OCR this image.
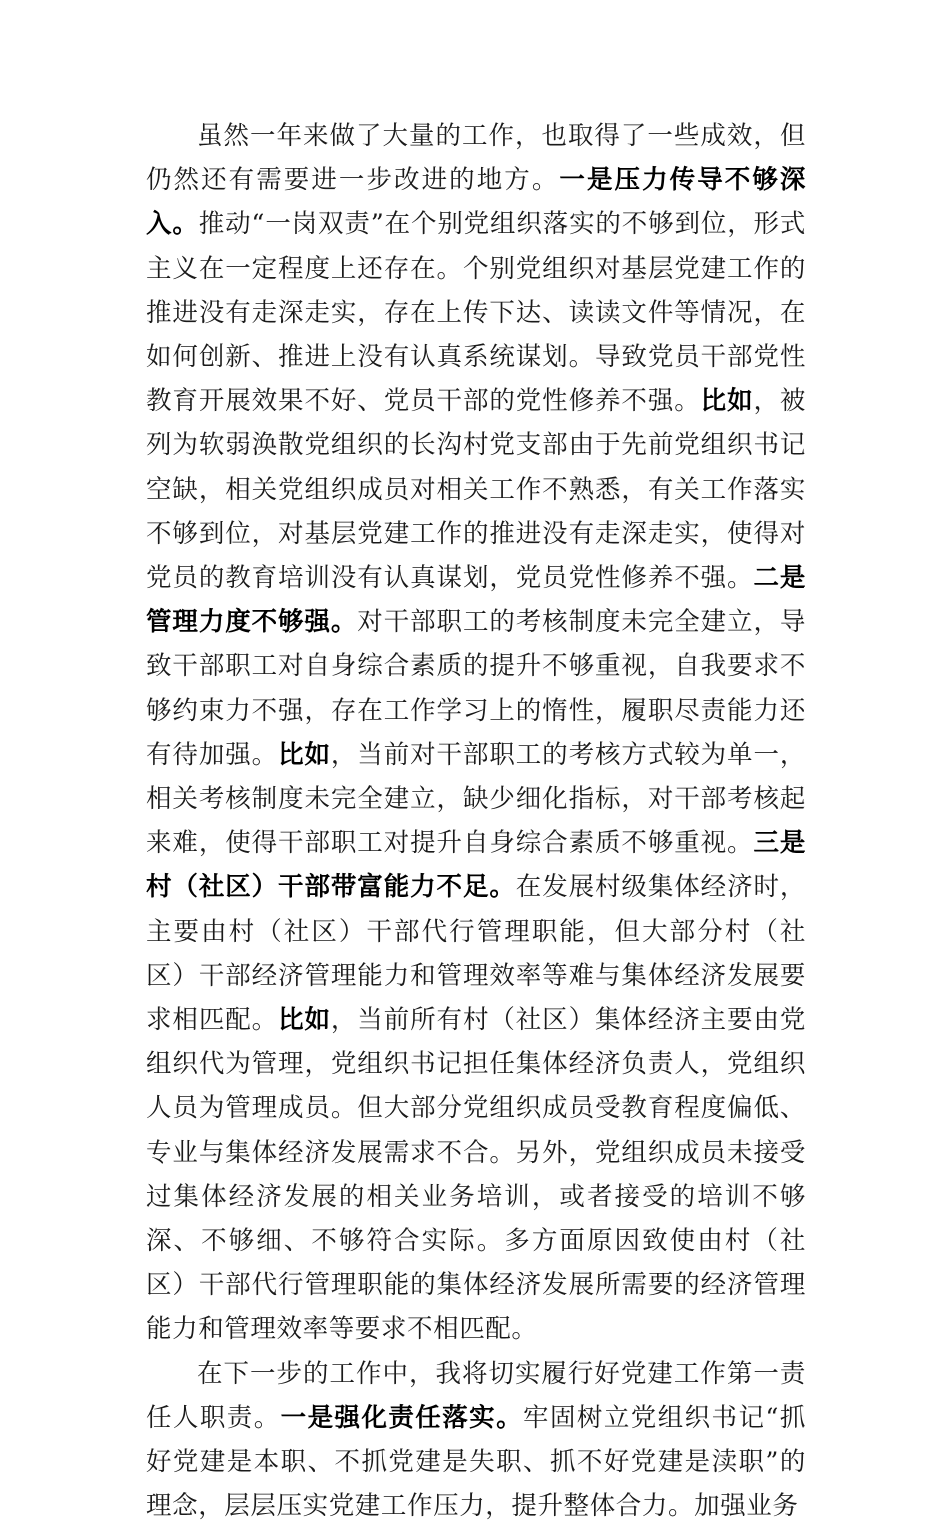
虽然一年来做了大量的工作，也取得了一些成效，但仍然还有需要进一步改进的地方。一是压力传导不够深入。推动“一岗双责”在个别党组织落实的不够到位，形式主义在一定程度上还存在。个别党组织对基层党建工作的推进没有走深走实，存在上传下达、读读文件等情况，在如何创新、推进上没有认真系统谋划。导致党员干部党性教育开展效果不好、党员干部的党性修养不强。比如，被列为软弱涣散党组织的长沟村党支部由于先前党组织书记空缺，相关党组织成员对相关工作不熟悉，有关工作落实不够到位，对基层党建工作的推进没有走深走实，使得对党员的教育培训没有认真谋划，党员党性修养不强。二是管理力度不够强。对干部职工的考核制度未完全建立，导致干部职工对自身综合素质的提升不够重视，自我要求不够约束力不强，存在工作学习上的惰性，履职尽责能力还有待加强。比如，当前对干部职工的考核方式较为单一，相关考核制度未完全建立，缺少细化指标，对干部考核起来难，使得干部职工对提升自身综合素质不够重视。三是村（社区）干部带富能力不足。在发展村级集体经济时，主要由村（社区）干部代行管理职能，但大部分村（社区）干部经济管理能力和管理效率等难与集体经济发展要求相匹配。比如，当前所有村（社区）集体经济主要由党组织代为管理，党组织书记担任集体经济负责人，党组织人员为管理成员。但大部分党组织成员受教育程度偏低、专业与集体经济发展需求不合。另外，党组织成员未接受过集体经济发展的相关业务培训，或者接受的培训不够深、不够细、不够符合实际。多方面原因致使由村（社区）干部代行管理职能的集体经济发展所需要的经济管理能力和管理效率等要求不相匹配。

在下一步的工作中，我将切实履行好党建工作第一责任人职责。一是强化责任落实。牢固树立党组织书记“抓好党建是本职、不抓党建是失职、抓不好党建是渎职”的理念，层层压实党建工作压力，提升整体合力。加强业务
